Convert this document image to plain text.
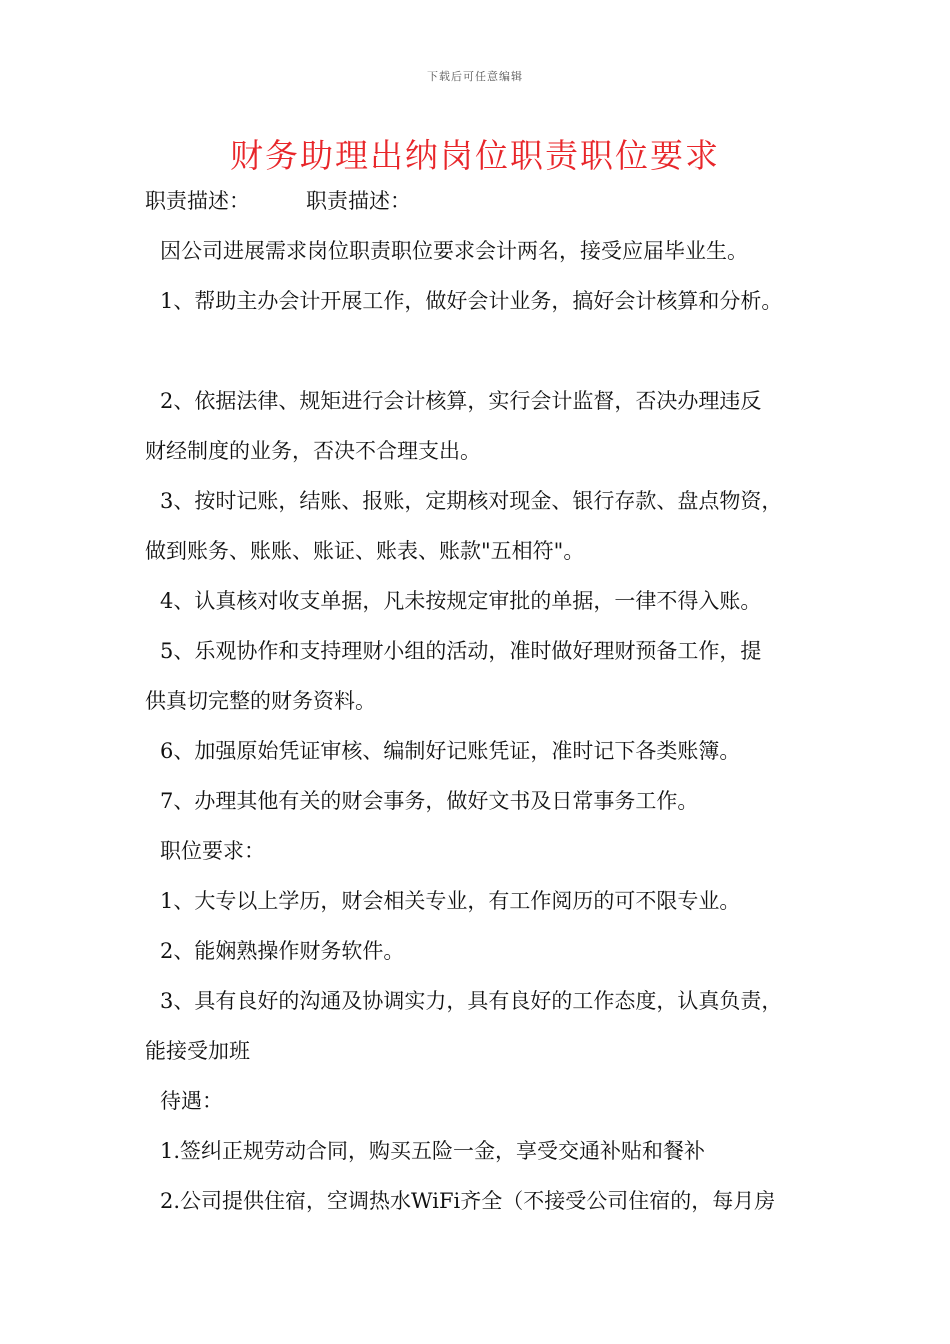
下载后可任意编辑
财务助理出纳岗位职责职位要求

职责描述：	职责描述：

因公司进展需求岗位职责职位要求会计两名，接受应届毕业生。

1、帮助主办会计开展工作，做好会计业务，搞好会计核算和分析。

2、依据法律、规矩进行会计核算，实行会计监督，否决办理违反

财经制度的业务，否决不合理支出。

3、按时记账，结账、报账，定期核对现金、银行存款、盘点物资，

做到账务、账账、账证、账表、账款"五相符"。

4、认真核对收支单据，凡未按规定审批的单据，一律不得入账。

5、乐观协作和支持理财小组的活动，准时做好理财预备工作，提

供真切完整的财务资料。

6、加强原始凭证审核、编制好记账凭证，准时记下各类账簿。

7、办理其他有关的财会事务，做好文书及日常事务工作。

职位要求：

1、大专以上学历，财会相关专业，有工作阅历的可不限专业。

2、能娴熟操作财务软件。

3、具有良好的沟通及协调实力，具有良好的工作态度，认真负责，

能接受加班

待遇：

1.签纠正规劳动合同，购买五险一金，享受交通补贴和餐补

2.公司提供住宿，空调热水WiFi齐全（不接受公司住宿的，每月房
